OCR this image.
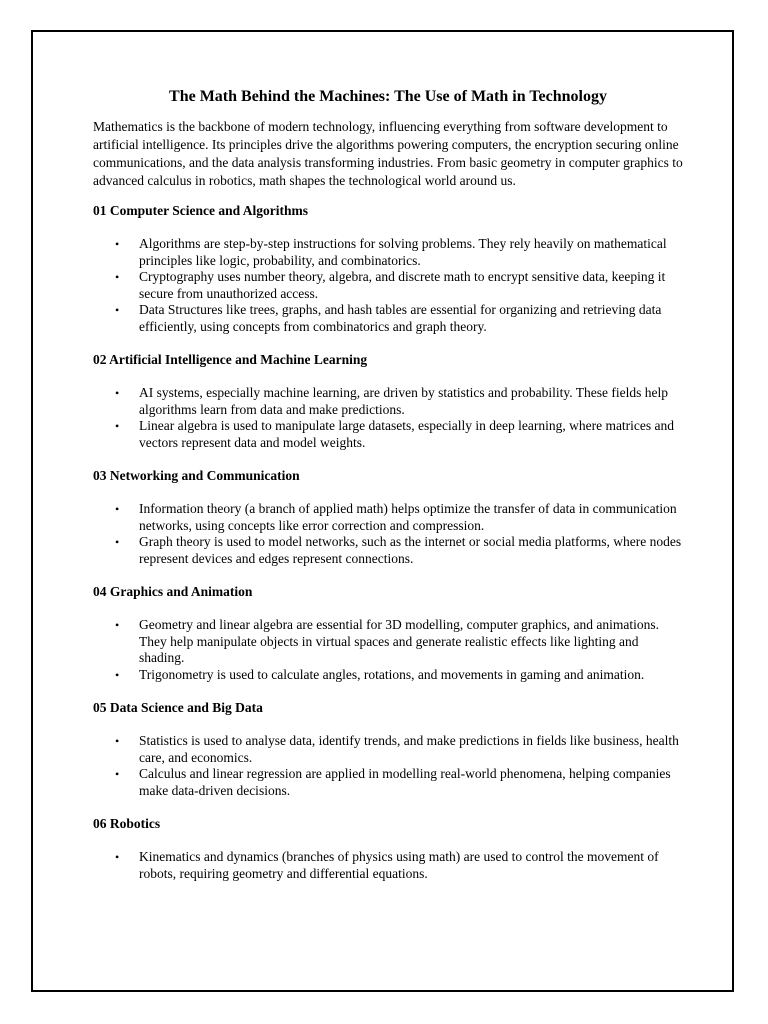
The Math Behind the Machines: The Use of Math in Technology

Mathematics is the backbone of modern technology, influencing everything from software development to artificial intelligence. Its principles drive the algorithms powering computers, the encryption securing online communications, and the data analysis transforming industries. From basic geometry in computer graphics to advanced calculus in robotics, math shapes the technological world around us.

01 Computer Science and Algorithms
• Algorithms are step-by-step instructions for solving problems. They rely heavily on mathematical principles like logic, probability, and combinatorics.
• Cryptography uses number theory, algebra, and discrete math to encrypt sensitive data, keeping it secure from unauthorized access.
• Data Structures like trees, graphs, and hash tables are essential for organizing and retrieving data efficiently, using concepts from combinatorics and graph theory.
02 Artificial Intelligence and Machine Learning
• AI systems, especially machine learning, are driven by statistics and probability. These fields help algorithms learn from data and make predictions.
• Linear algebra is used to manipulate large datasets, especially in deep learning, where matrices and vectors represent data and model weights.
03 Networking and Communication
• Information theory (a branch of applied math) helps optimize the transfer of data in communication networks, using concepts like error correction and compression.
• Graph theory is used to model networks, such as the internet or social media platforms, where nodes represent devices and edges represent connections.
04 Graphics and Animation
• Geometry and linear algebra are essential for 3D modelling, computer graphics, and animations. They help manipulate objects in virtual spaces and generate realistic effects like lighting and shading.
• Trigonometry is used to calculate angles, rotations, and movements in gaming and animation.
05 Data Science and Big Data
• Statistics is used to analyse data, identify trends, and make predictions in fields like business, health care, and economics.
• Calculus and linear regression are applied in modelling real-world phenomena, helping companies make data-driven decisions.
06 Robotics
• Kinematics and dynamics (branches of physics using math) are used to control the movement of robots, requiring geometry and differential equations.
